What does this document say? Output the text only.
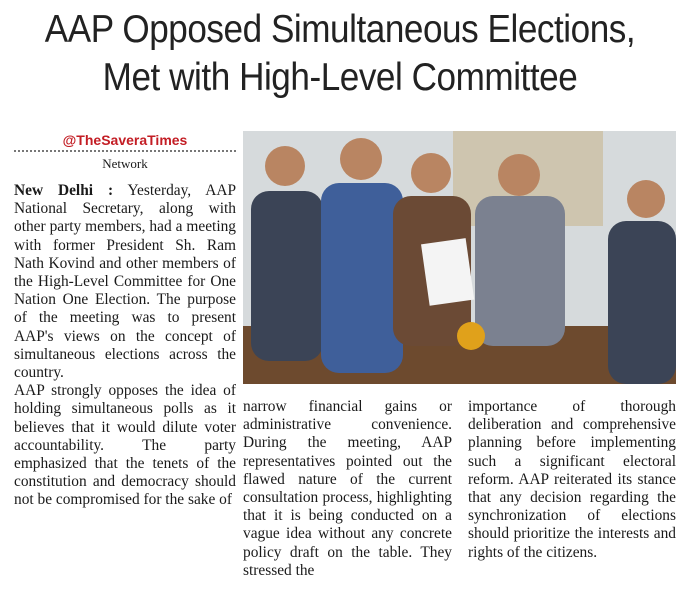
AAP Opposed Simultaneous Elections,
Met with High-Level Committee
@TheSaveraTimes
Network
New Delhi : Yesterday, AAP National Secretary, along with other party members, had a meeting with former President Sh. Ram Nath Kovind and other members of the High-Level Committee for One Nation One Election. The purpose of the meeting was to present AAP's views on the concept of simultaneous elections across the country.
AAP strongly opposes the idea of holding simultaneous polls as it believes that it would dilute voter accountability. The party emphasized that the tenets of the constitution and democracy should not be compromised for the sake of
narrow financial gains or administrative convenience. During the meeting, AAP representatives pointed out the flawed nature of the current consultation process, highlighting that it is being conducted on a vague idea without any concrete policy draft on the table. They stressed the
importance of thorough deliberation and comprehensive planning before implementing such a significant electoral reform. AAP reiterated its stance that any decision regarding the synchronization of elections should prioritize the interests and rights of the citizens.
